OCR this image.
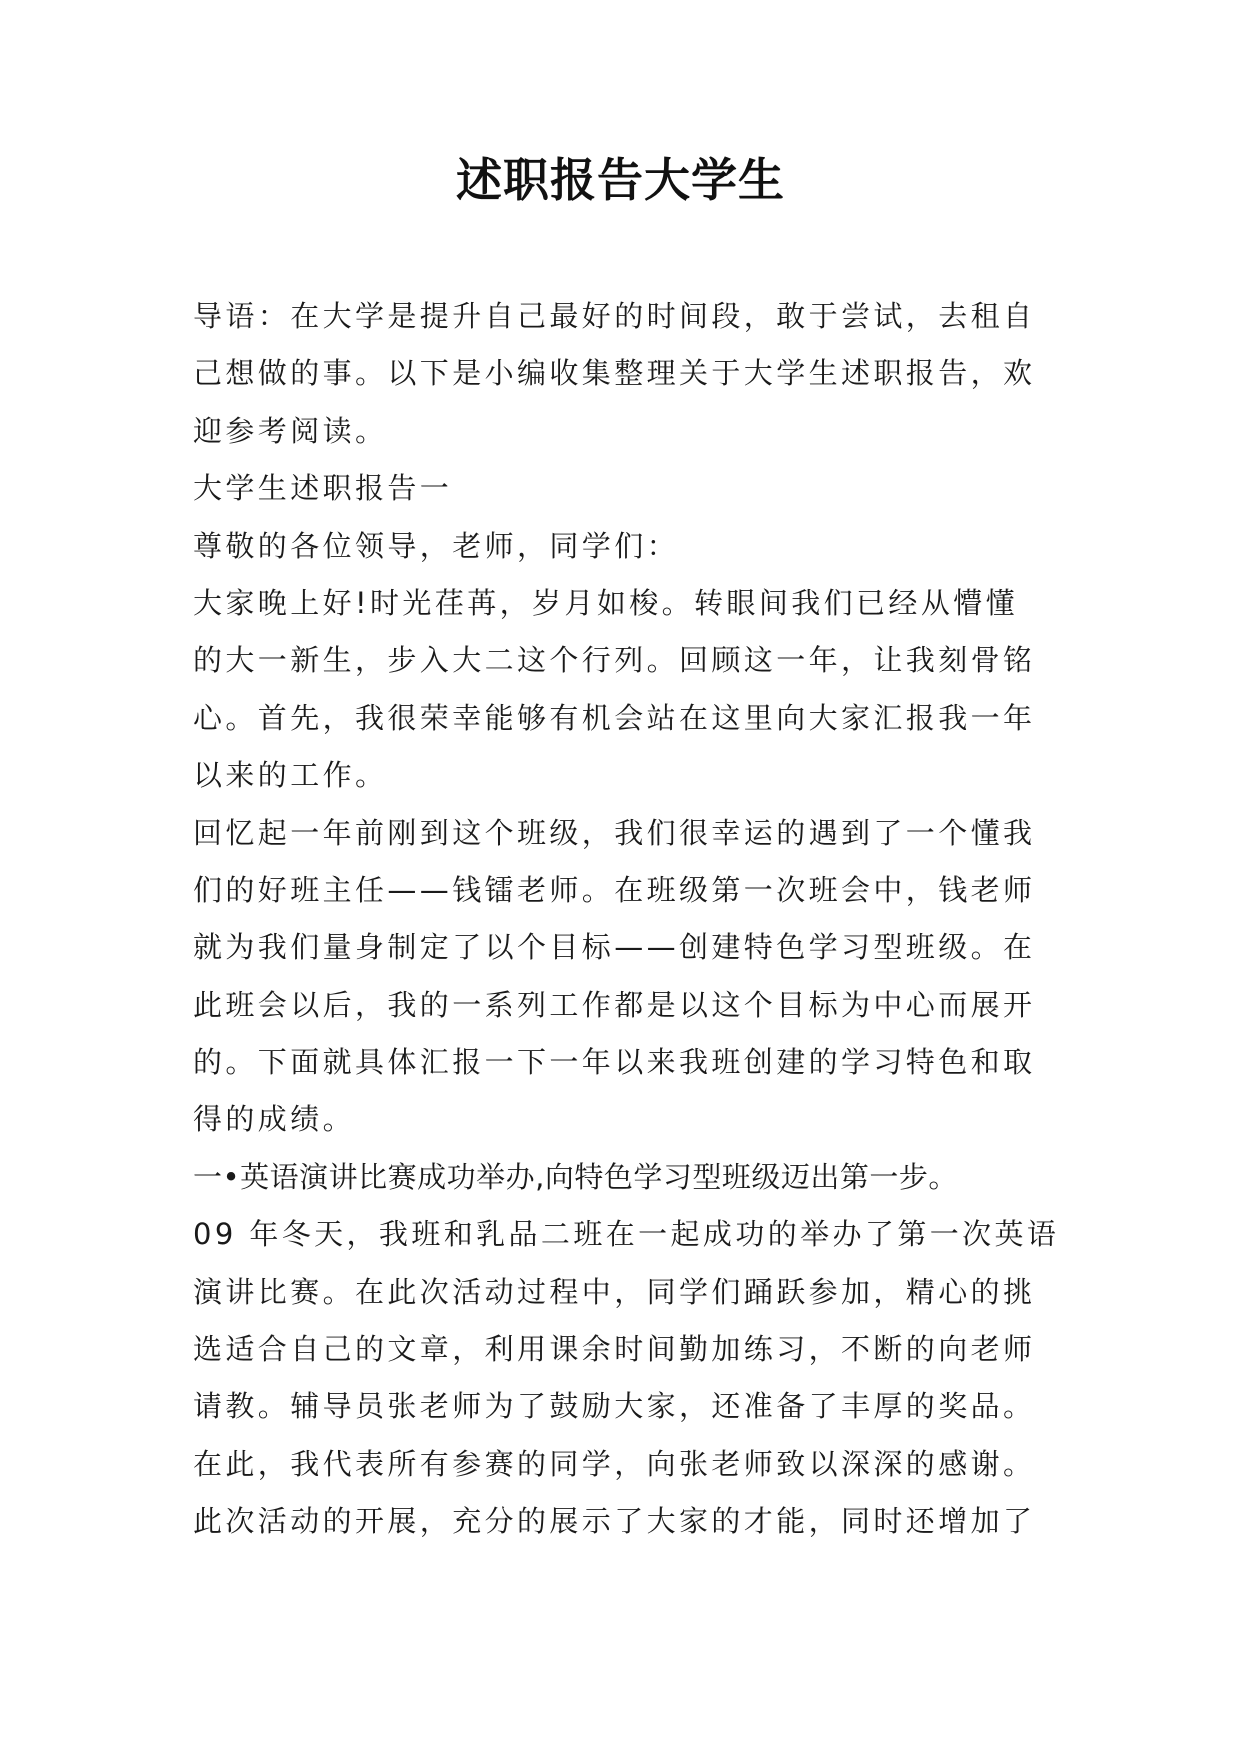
述职报告大学生
导语：在大学是提升自己最好的时间段，敢于尝试，去租自
己想做的事。以下是小编收集整理关于大学生述职报告，欢
迎参考阅读。
大学生述职报告一
尊敬的各位领导，老师，同学们：
大家晚上好!时光荏苒，岁月如梭。转眼间我们已经从懵懂
的大一新生，步入大二这个行列。回顾这一年，让我刻骨铭
心。首先，我很荣幸能够有机会站在这里向大家汇报我一年
以来的工作。
回忆起一年前刚到这个班级，我们很幸运的遇到了一个懂我
们的好班主任——钱镭老师。在班级第一次班会中，钱老师
就为我们量身制定了以个目标——创建特色学习型班级。在
此班会以后，我的一系列工作都是以这个目标为中心而展开
的。下面就具体汇报一下一年以来我班创建的学习特色和取
得的成绩。
一•英语演讲比赛成功举办,向特色学习型班级迈出第一步。
09 年冬天，我班和乳品二班在一起成功的举办了第一次英语
演讲比赛。在此次活动过程中，同学们踊跃参加，精心的挑
选适合自己的文章，利用课余时间勤加练习，不断的向老师
请教。辅导员张老师为了鼓励大家，还准备了丰厚的奖品。
在此，我代表所有参赛的同学，向张老师致以深深的感谢。
此次活动的开展，充分的展示了大家的才能，同时还增加了
